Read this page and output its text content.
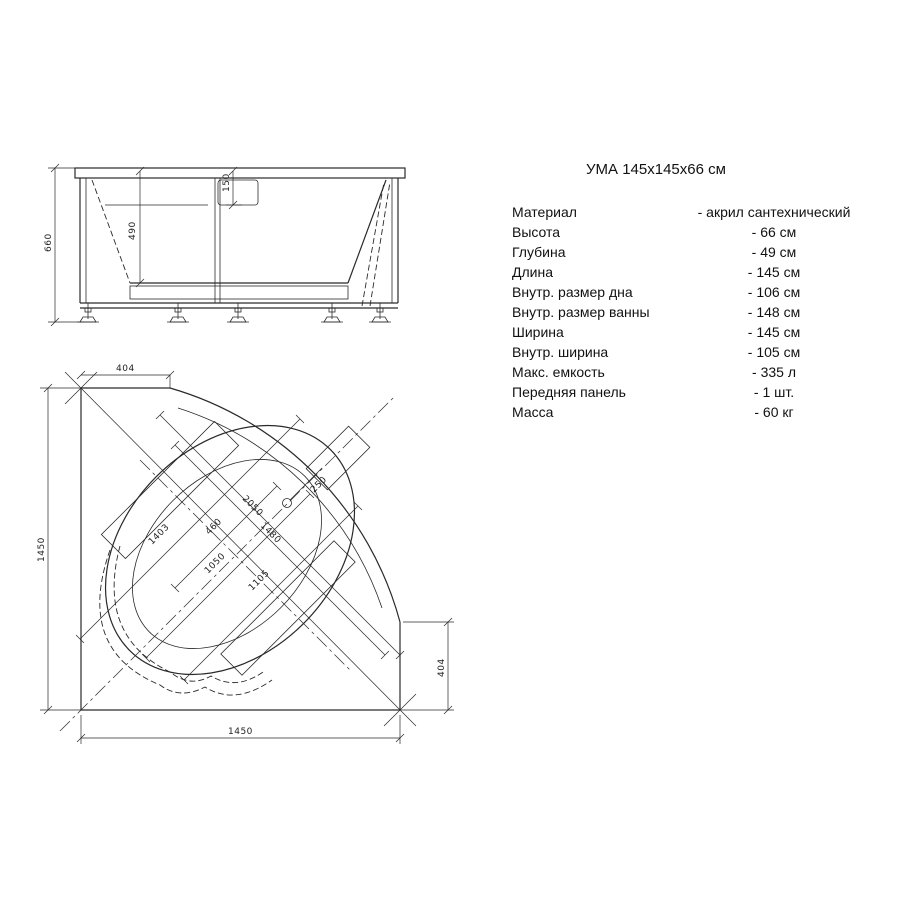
660
490
150
2050
1480
1403	460
1050
1105
250
404
1450
1450
404
УМА 145x145x66 см
Материал	- акрил сантехнический
Высота	- 66 см
Глубина	- 49 см
Длина	- 145 см
Внутр. размер дна	- 106 см
Внутр. размер ванны	- 148 см
Ширина	- 145 см
Внутр. ширина	- 105 см
Макс. емкость	- 335 л
Передняя панель	- 1 шт.
Масса	- 60 кг
